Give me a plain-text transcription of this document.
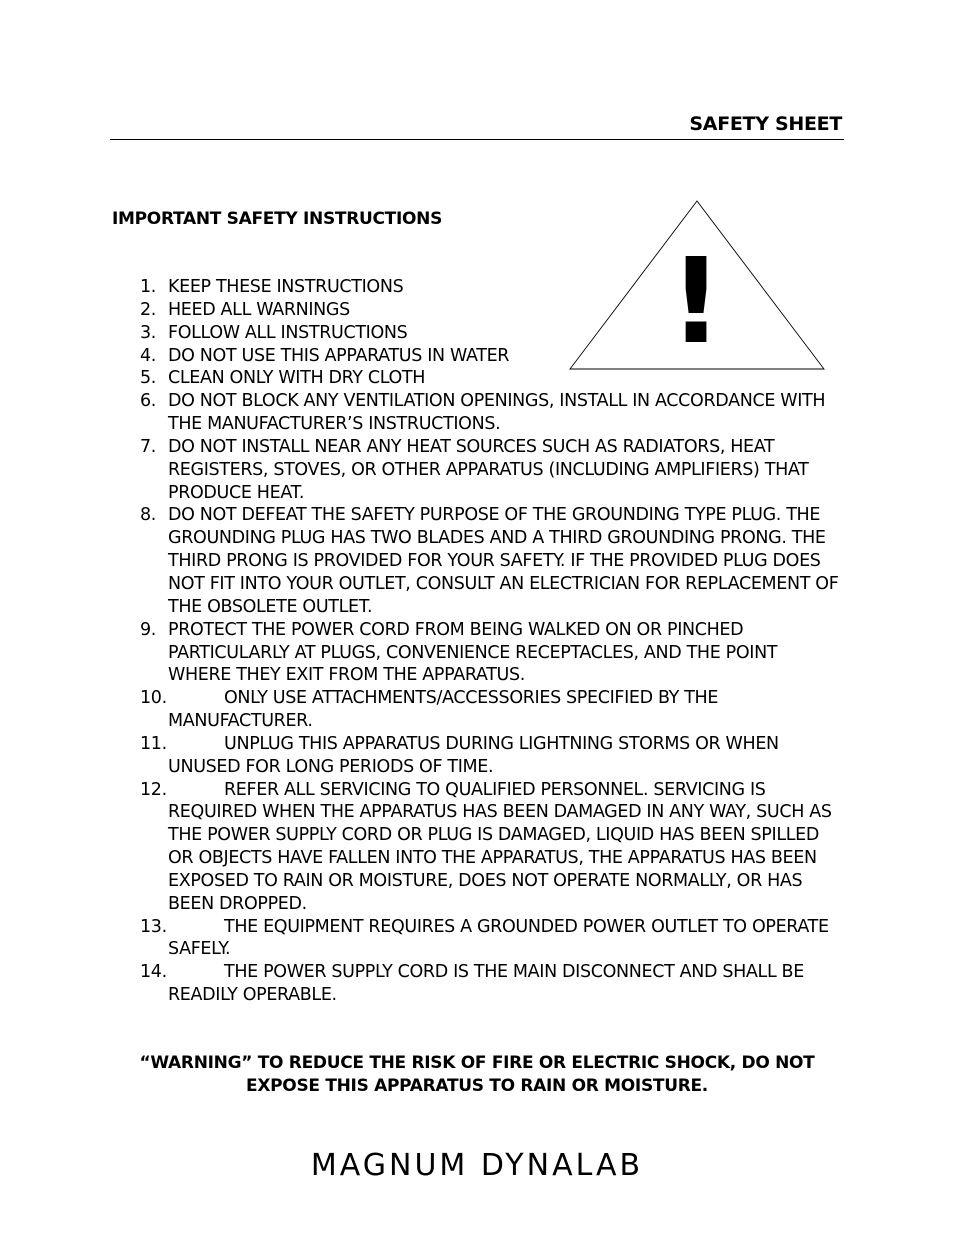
SAFETY SHEET
IMPORTANT SAFETY INSTRUCTIONS
!
1. KEEP THESE INSTRUCTIONS
2. HEED ALL WARNINGS
3. FOLLOW ALL INSTRUCTIONS
4. DO NOT USE THIS APPARATUS IN WATER
5. CLEAN ONLY WITH DRY CLOTH
6. DO NOT BLOCK ANY VENTILATION OPENINGS, INSTALL IN ACCORDANCE WITH THE MANUFACTURER’S INSTRUCTIONS.
7. DO NOT INSTALL NEAR ANY HEAT SOURCES SUCH AS RADIATORS, HEAT REGISTERS, STOVES, OR OTHER APPARATUS (INCLUDING AMPLIFIERS) THAT PRODUCE HEAT.
8. DO NOT DEFEAT THE SAFETY PURPOSE OF THE GROUNDING TYPE PLUG. THE GROUNDING PLUG HAS TWO BLADES AND A THIRD GROUNDING PRONG. THE THIRD PRONG IS PROVIDED FOR YOUR SAFETY. IF THE PROVIDED PLUG DOES NOT FIT INTO YOUR OUTLET, CONSULT AN ELECTRICIAN FOR REPLACEMENT OF THE OBSOLETE OUTLET.
9. PROTECT THE POWER CORD FROM BEING WALKED ON OR PINCHED PARTICULARLY AT PLUGS, CONVENIENCE RECEPTACLES, AND THE POINT WHERE THEY EXIT FROM THE APPARATUS.
10.	ONLY USE ATTACHMENTS/ACCESSORIES SPECIFIED BY THE MANUFACTURER.
11.	UNPLUG THIS APPARATUS DURING LIGHTNING STORMS OR WHEN UNUSED FOR LONG PERIODS OF TIME.
12.	REFER ALL SERVICING TO QUALIFIED PERSONNEL. SERVICING IS REQUIRED WHEN THE APPARATUS HAS BEEN DAMAGED IN ANY WAY, SUCH AS THE POWER SUPPLY CORD OR PLUG IS DAMAGED, LIQUID HAS BEEN SPILLED OR OBJECTS HAVE FALLEN INTO THE APPARATUS, THE APPARATUS HAS BEEN EXPOSED TO RAIN OR MOISTURE, DOES NOT OPERATE NORMALLY, OR HAS BEEN DROPPED.
13.	THE EQUIPMENT REQUIRES A GROUNDED POWER OUTLET TO OPERATE SAFELY.
14.	THE POWER SUPPLY CORD IS THE MAIN DISCONNECT AND SHALL BE READILY OPERABLE.
“WARNING” TO REDUCE THE RISK OF FIRE OR ELECTRIC SHOCK, DO NOT
EXPOSE THIS APPARATUS TO RAIN OR MOISTURE.
MAGNUM DYNALAB
